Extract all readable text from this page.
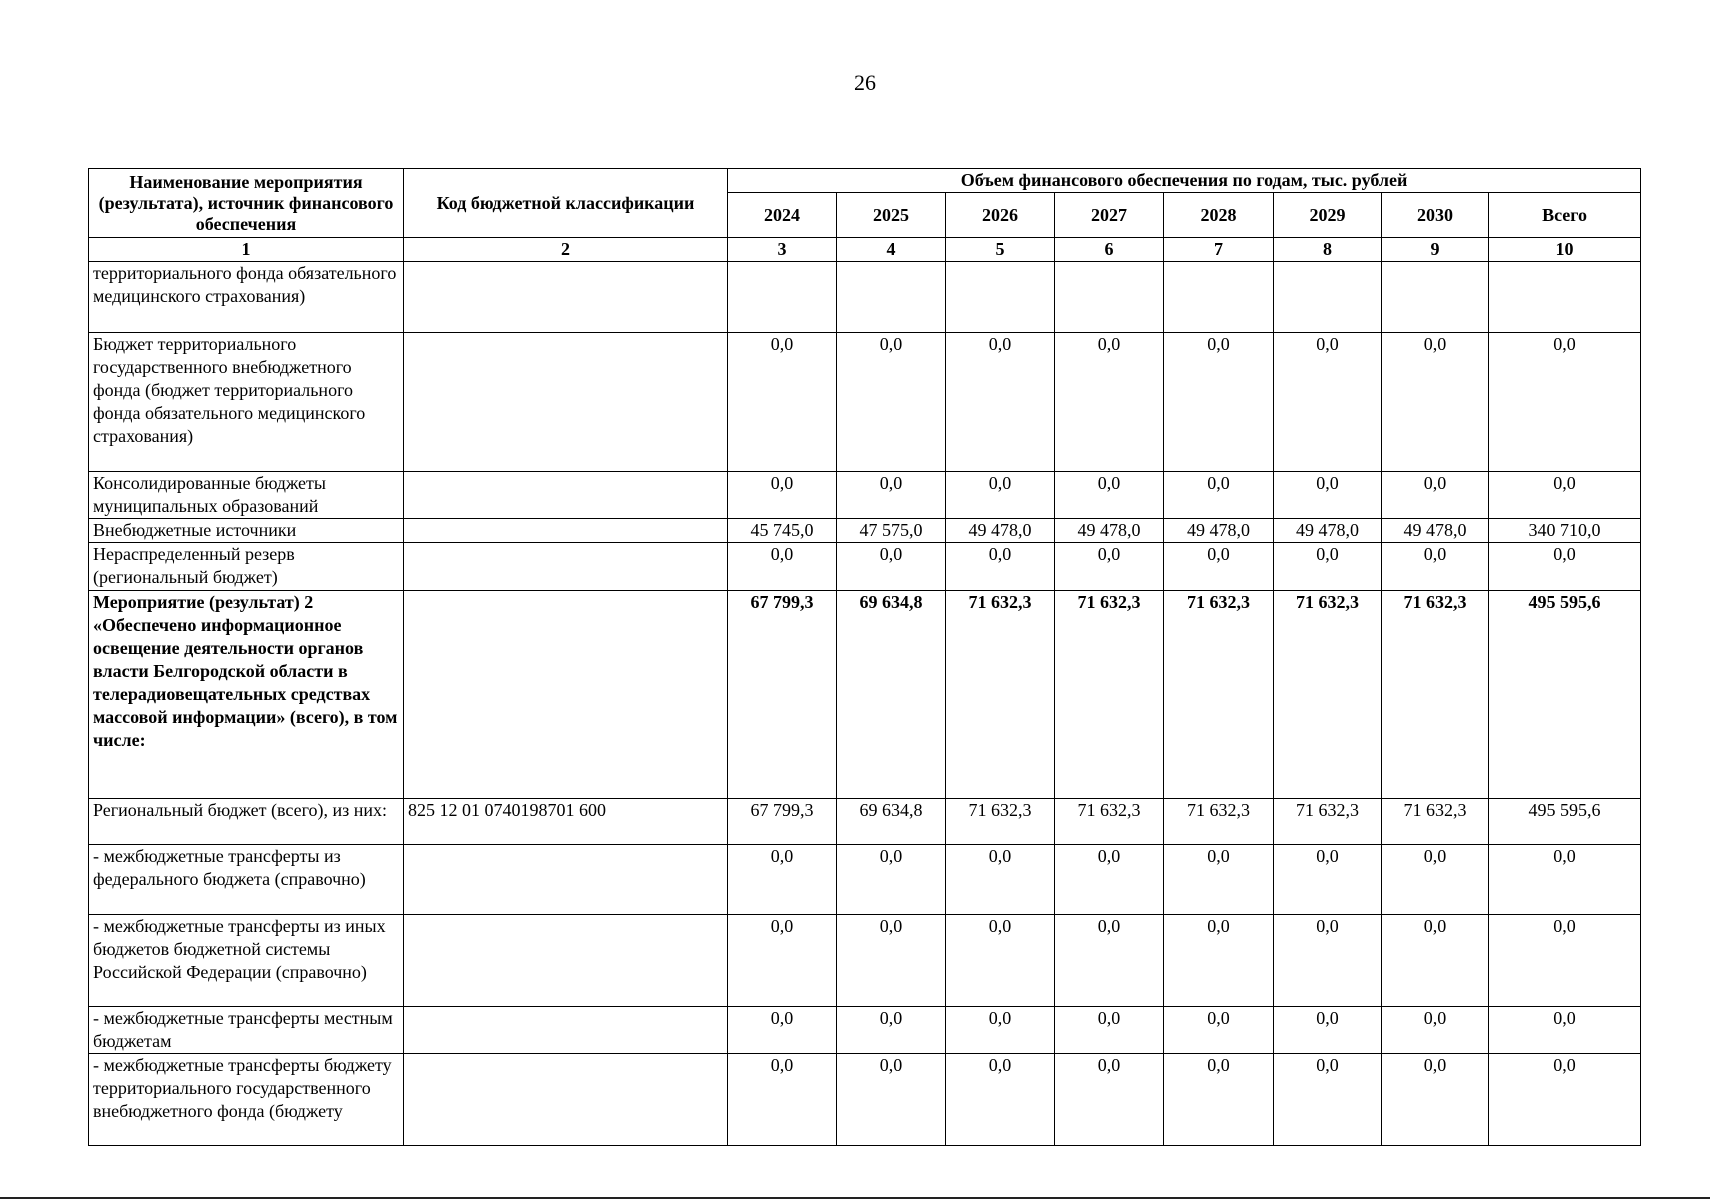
26
Наименование мероприятия (результата), источник финансового обеспечения	Код бюджетной классификации	Объем финансового обеспечения по годам, тыс. рублей							
		2024	2025	2026	2027	2028	2029	2030	Всего
1	2	3	4	5	6	7	8	9	10
территориального фонда обязательного медицинского страхования)									
Бюджет территориального государственного внебюджетного фонда (бюджет территориального фонда обязательного медицинского страхования)		0,0	0,0	0,0	0,0	0,0	0,0	0,0	0,0
Консолидированные бюджеты муниципальных образований		0,0	0,0	0,0	0,0	0,0	0,0	0,0	0,0
Внебюджетные источники		45 745,0	47 575,0	49 478,0	49 478,0	49 478,0	49 478,0	49 478,0	340 710,0
Нераспределенный резерв (региональный бюджет)		0,0	0,0	0,0	0,0	0,0	0,0	0,0	0,0
Мероприятие (результат) 2 «Обеспечено информационное освещение деятельности органов власти Белгородской области в телерадиовещательных средствах массовой информации» (всего), в том числе:		67 799,3	69 634,8	71 632,3	71 632,3	71 632,3	71 632,3	71 632,3	495 595,6
Региональный бюджет (всего), из них:	825 12 01 0740198701 600	67 799,3	69 634,8	71 632,3	71 632,3	71 632,3	71 632,3	71 632,3	495 595,6
- межбюджетные трансферты из федерального бюджета (справочно)		0,0	0,0	0,0	0,0	0,0	0,0	0,0	0,0
- межбюджетные трансферты из иных бюджетов бюджетной системы Российской Федерации (справочно)		0,0	0,0	0,0	0,0	0,0	0,0	0,0	0,0
- межбюджетные трансферты местным бюджетам		0,0	0,0	0,0	0,0	0,0	0,0	0,0	0,0
- межбюджетные трансферты бюджету территориального государственного внебюджетного фонда (бюджету		0,0	0,0	0,0	0,0	0,0	0,0	0,0	0,0
